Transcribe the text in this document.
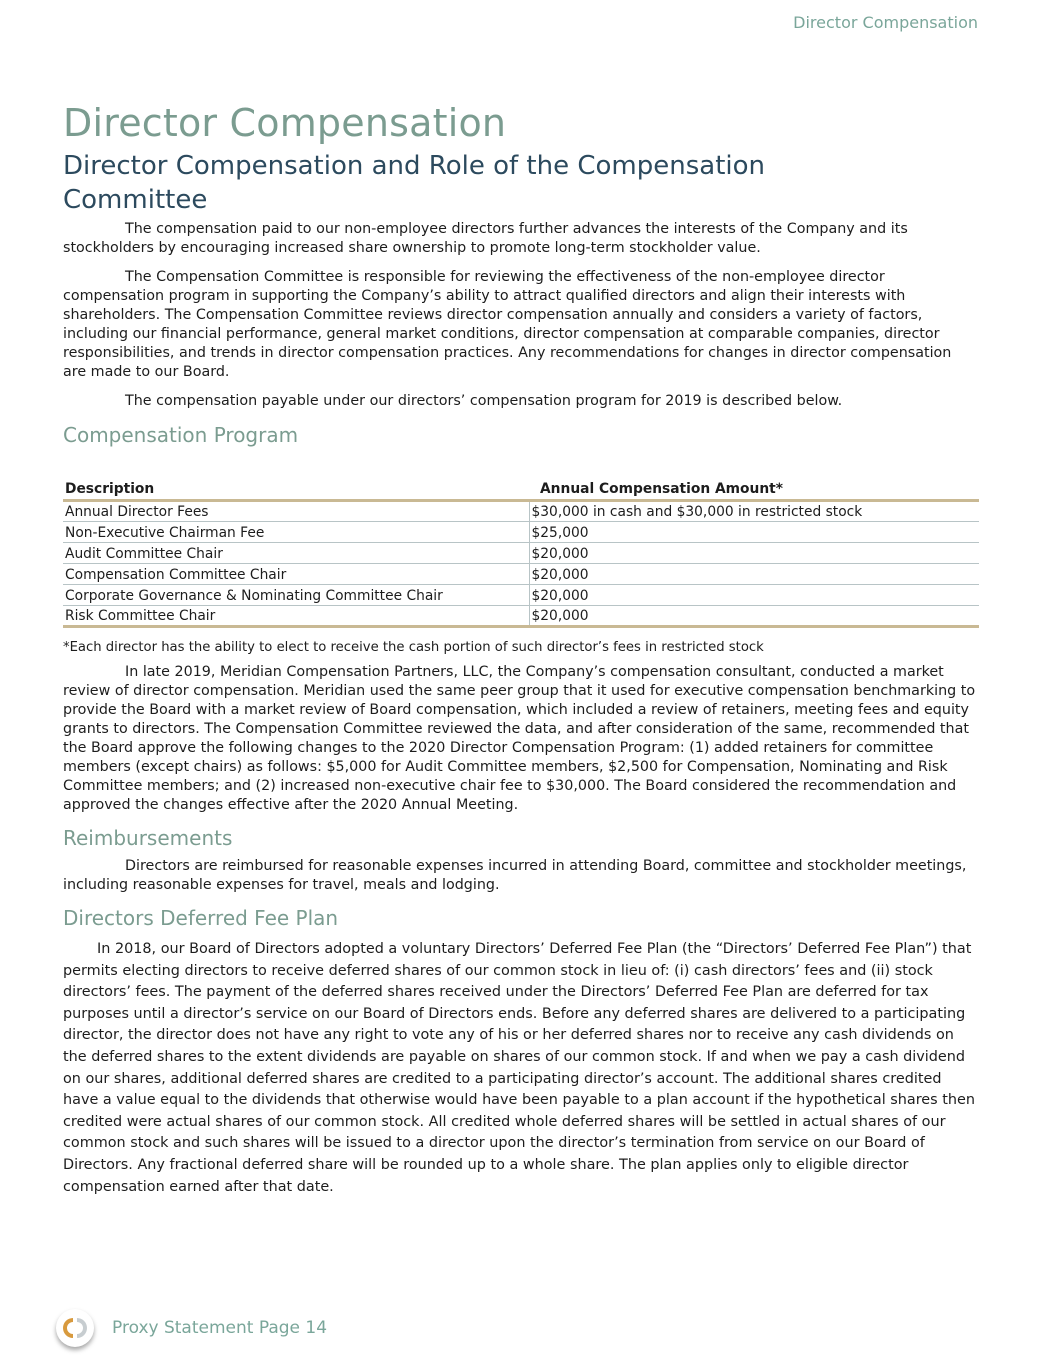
Director Compensation
Director Compensation
Director Compensation and Role of the Compensation Committee

The compensation paid to our non-employee directors further advances the interests of the Company and its stockholders by encouraging increased share ownership to promote long-term stockholder value.

The Compensation Committee is responsible for reviewing the effectiveness of the non-employee director compensation program in supporting the Company’s ability to attract qualified directors and align their interests with shareholders. The Compensation Committee reviews director compensation annually and considers a variety of factors, including our financial performance, general market conditions, director compensation at comparable companies, director responsibilities, and trends in director compensation practices. Any recommendations for changes in director compensation are made to our Board.

The compensation payable under our directors’ compensation program for 2019 is described below.

Compensation Program
Description	Annual Compensation Amount*
Annual Director Fees	$30,000 in cash and $30,000 in restricted stock
Non-Executive Chairman Fee	$25,000
Audit Committee Chair	$20,000
Compensation Committee Chair	$20,000
Corporate Governance & Nominating Committee Chair	$20,000
Risk Committee Chair	$20,000

*Each director has the ability to elect to receive the cash portion of such director’s fees in restricted stock

In late 2019, Meridian Compensation Partners, LLC, the Company’s compensation consultant, conducted a market review of director compensation. Meridian used the same peer group that it used for executive compensation benchmarking to provide the Board with a market review of Board compensation, which included a review of retainers, meeting fees and equity grants to directors. The Compensation Committee reviewed the data, and after consideration of the same, recommended that the Board approve the following changes to the 2020 Director Compensation Program: (1) added retainers for committee members (except chairs) as follows: $5,000 for Audit Committee members, $2,500 for Compensation, Nominating and Risk Committee members; and (2) increased non-executive chair fee to $30,000. The Board considered the recommendation and approved the changes effective after the 2020 Annual Meeting.

Reimbursements

Directors are reimbursed for reasonable expenses incurred in attending Board, committee and stockholder meetings, including reasonable expenses for travel, meals and lodging.

Directors Deferred Fee Plan

In 2018, our Board of Directors adopted a voluntary Directors’ Deferred Fee Plan (the “Directors’ Deferred Fee Plan”) that permits electing directors to receive deferred shares of our common stock in lieu of: (i) cash directors’ fees and (ii) stock directors’ fees. The payment of the deferred shares received under the Directors’ Deferred Fee Plan are deferred for tax purposes until a director’s service on our Board of Directors ends. Before any deferred shares are delivered to a participating director, the director does not have any right to vote any of his or her deferred shares nor to receive any cash dividends on the deferred shares to the extent dividends are payable on shares of our common stock. If and when we pay a cash dividend on our shares, additional deferred shares are credited to a participating director’s account. The additional shares credited have a value equal to the dividends that otherwise would have been payable to a plan account if the hypothetical shares then credited were actual shares of our common stock. All credited whole deferred shares will be settled in actual shares of our common stock and such shares will be issued to a director upon the director’s termination from service on our Board of Directors. Any fractional deferred share will be rounded up to a whole share. The plan applies only to eligible director compensation earned after that date.

Proxy Statement Page 14
